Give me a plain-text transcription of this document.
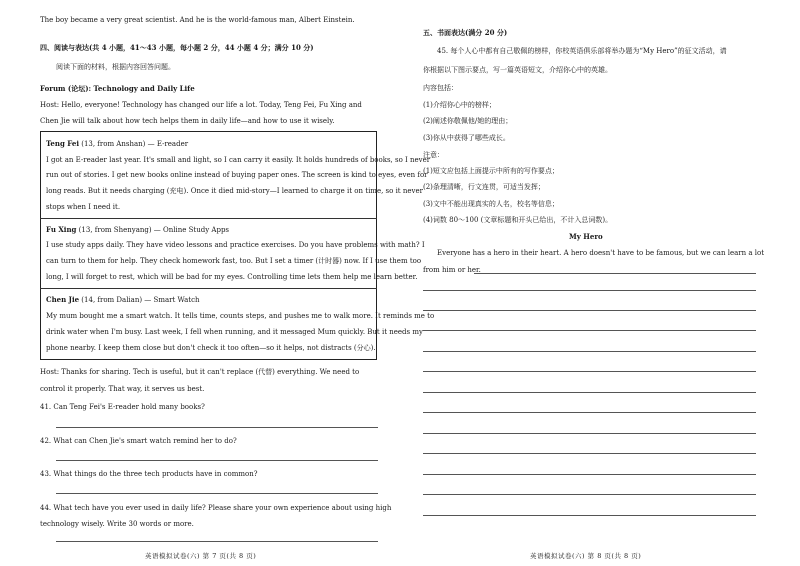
The boy became a very great scientist. And he is the world-famous man, Albert Einstein.
四、阅读与表达(共 4 小题，41～43 小题，每小题 2 分，44 小题 4 分；满分 10 分)
阅读下面的材料，根据内容回答问题。
Forum (论坛): Technology and Daily Life
Host: Hello, everyone! Technology has changed our life a lot. Today, Teng Fei, Fu Xing and
Chen Jie will talk about how tech helps them in daily life—and how to use it wisely.
Teng Fei (13, from Anshan) — E-reader
I got an E-reader last year. It's small and light, so I can carry it easily. It holds hundreds of books, so I never
run out of stories. I get new books online instead of buying paper ones. The screen is kind to eyes, even for
long reads. But it needs charging (充电). Once it died mid-story—I learned to charge it on time, so it never
stops when I need it.
Fu Xing (13, from Shenyang) — Online Study Apps
I use study apps daily. They have video lessons and practice exercises. Do you have problems with math? I
can turn to them for help. They check homework fast, too. But I set a timer (计时器) now. If I use them too
long, I will forget to rest, which will be bad for my eyes. Controlling time lets them help me learn better.
Chen Jie (14, from Dalian) — Smart Watch
My mum bought me a smart watch. It tells time, counts steps, and pushes me to walk more. It reminds me to
drink water when I'm busy. Last week, I fell when running, and it messaged Mum quickly. But it needs my
phone nearby. I keep them close but don't check it too often—so it helps, not distracts (分心).
Host: Thanks for sharing. Tech is useful, but it can't replace (代替) everything. We need to
control it properly. That way, it serves us best.
41. Can Teng Fei's E-reader hold many books?
42. What can Chen Jie's smart watch remind her to do?
43. What things do the three tech products have in common?
44. What tech have you ever used in daily life? Please share your own experience about using high
technology wisely. Write 30 words or more.
英语模拟试卷(六) 第 7 页(共 8 页)
五、书面表达(满分 20 分)
45. 每个人心中都有自己敬佩的榜样，你校英语俱乐部将举办题为“My Hero”的征文活动，请
你根据以下图示要点，写一篇英语短文，介绍你心中的英雄。
内容包括：
(1)介绍你心中的榜样；
(2)阐述你敬佩他/她的理由；
(3)你从中获得了哪些成长。
注意：
(1)短文应包括上面提示中所有的写作要点；
(2)条理清晰，行文连贯，可适当发挥；
(3)文中不能出现真实的人名，校名等信息；
(4)词数 80～100 (文章标题和开头已给出，不计入总词数)。
My Hero
Everyone has a hero in their heart. A hero doesn't have to be famous, but we can learn a lot
from him or her.
英语模拟试卷(六) 第 8 页(共 8 页)
